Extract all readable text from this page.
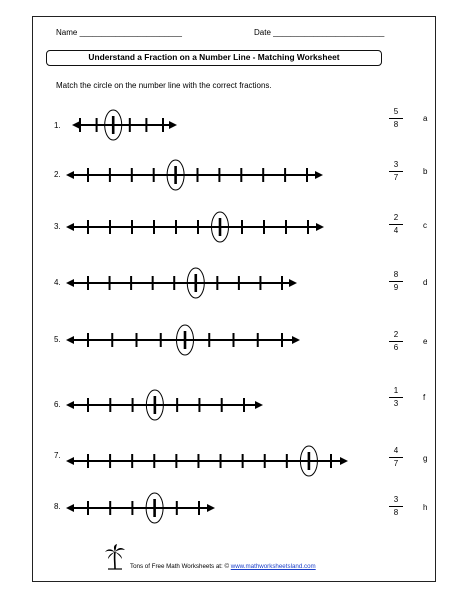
Name _______________________	Date _________________________
Understand a Fraction on a Number Line - Matching Worksheet
Match the circle on the number line with the correct fractions.
1.
2.
3.
4.
5.
6.
7.
8.
5
8
a
3
7
b
2
4
c
8
9
d
2
6
e
1
3
f
4
7
g
3
8
h
Tons of Free Math Worksheets at: © www.mathworksheetsland.com
